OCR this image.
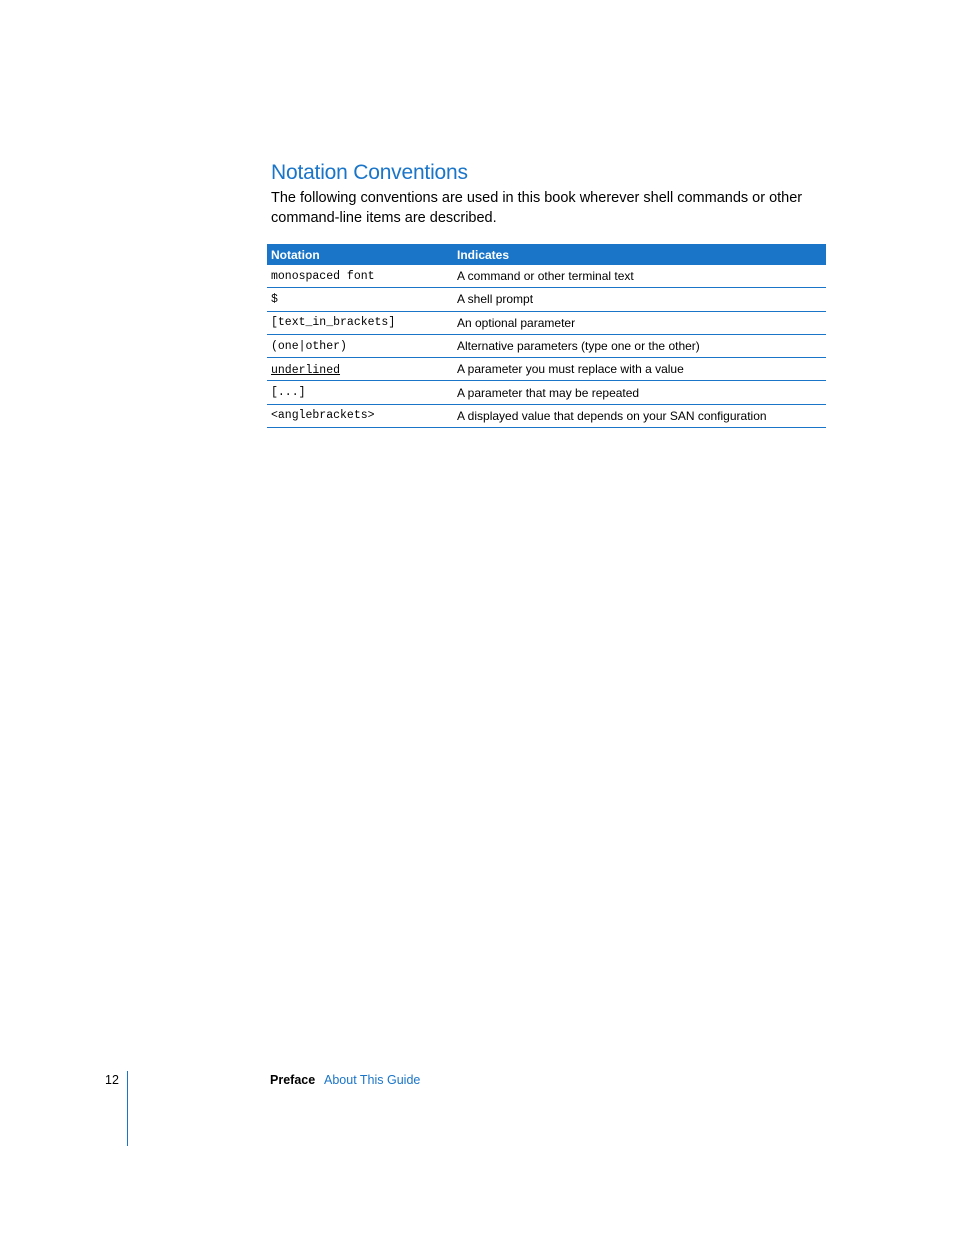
Notation Conventions

The following conventions are used in this book wherever shell commands or other command-line items are described.

Notation	Indicates
monospaced font	A command or other terminal text
$	A shell prompt
[text_in_brackets]	An optional parameter
(one|other)	Alternative parameters (type one or the other)
underlined	A parameter you must replace with a value
[...]	A parameter that may be repeated
<anglebrackets>	A displayed value that depends on your SAN configuration
12	Preface About This Guide
